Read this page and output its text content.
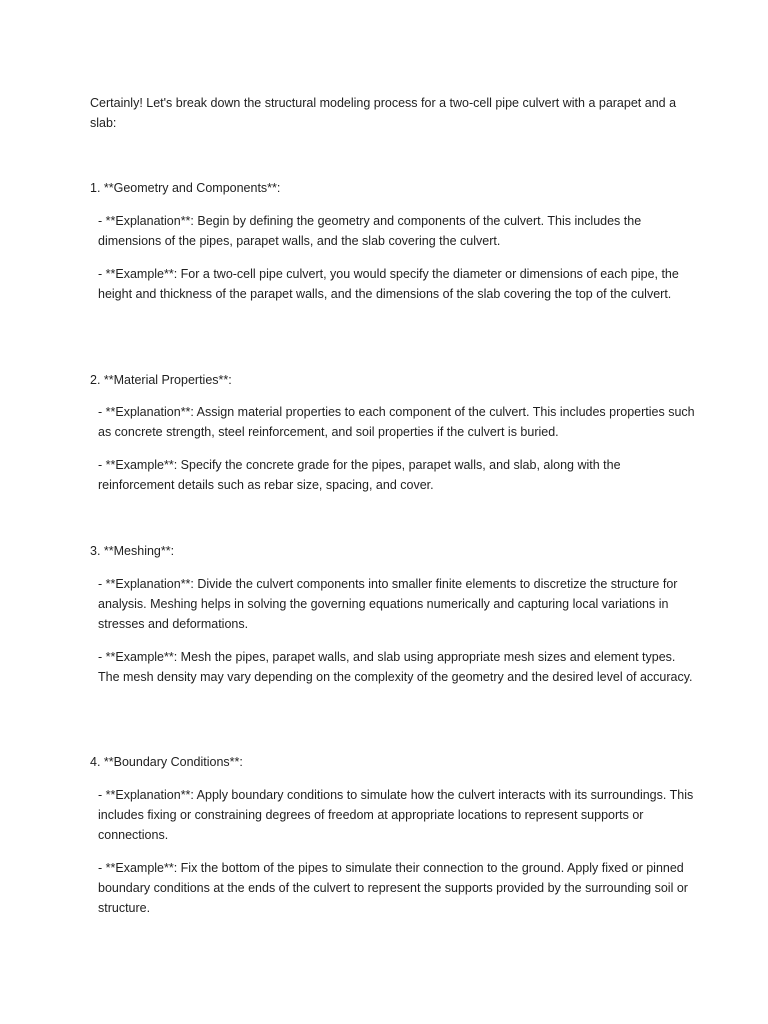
Certainly! Let's break down the structural modeling process for a two-cell pipe culvert with a parapet and a slab:

1. **Geometry and Components**:

- **Explanation**: Begin by defining the geometry and components of the culvert. This includes the dimensions of the pipes, parapet walls, and the slab covering the culvert.

- **Example**: For a two-cell pipe culvert, you would specify the diameter or dimensions of each pipe, the height and thickness of the parapet walls, and the dimensions of the slab covering the top of the culvert.

2. **Material Properties**:

- **Explanation**: Assign material properties to each component of the culvert. This includes properties such as concrete strength, steel reinforcement, and soil properties if the culvert is buried.

- **Example**: Specify the concrete grade for the pipes, parapet walls, and slab, along with the reinforcement details such as rebar size, spacing, and cover.

3. **Meshing**:

- **Explanation**: Divide the culvert components into smaller finite elements to discretize the structure for analysis. Meshing helps in solving the governing equations numerically and capturing local variations in stresses and deformations.

- **Example**: Mesh the pipes, parapet walls, and slab using appropriate mesh sizes and element types. The mesh density may vary depending on the complexity of the geometry and the desired level of accuracy.

4. **Boundary Conditions**:

- **Explanation**: Apply boundary conditions to simulate how the culvert interacts with its surroundings. This includes fixing or constraining degrees of freedom at appropriate locations to represent supports or connections.

- **Example**: Fix the bottom of the pipes to simulate their connection to the ground. Apply fixed or pinned boundary conditions at the ends of the culvert to represent the supports provided by the surrounding soil or structure.
